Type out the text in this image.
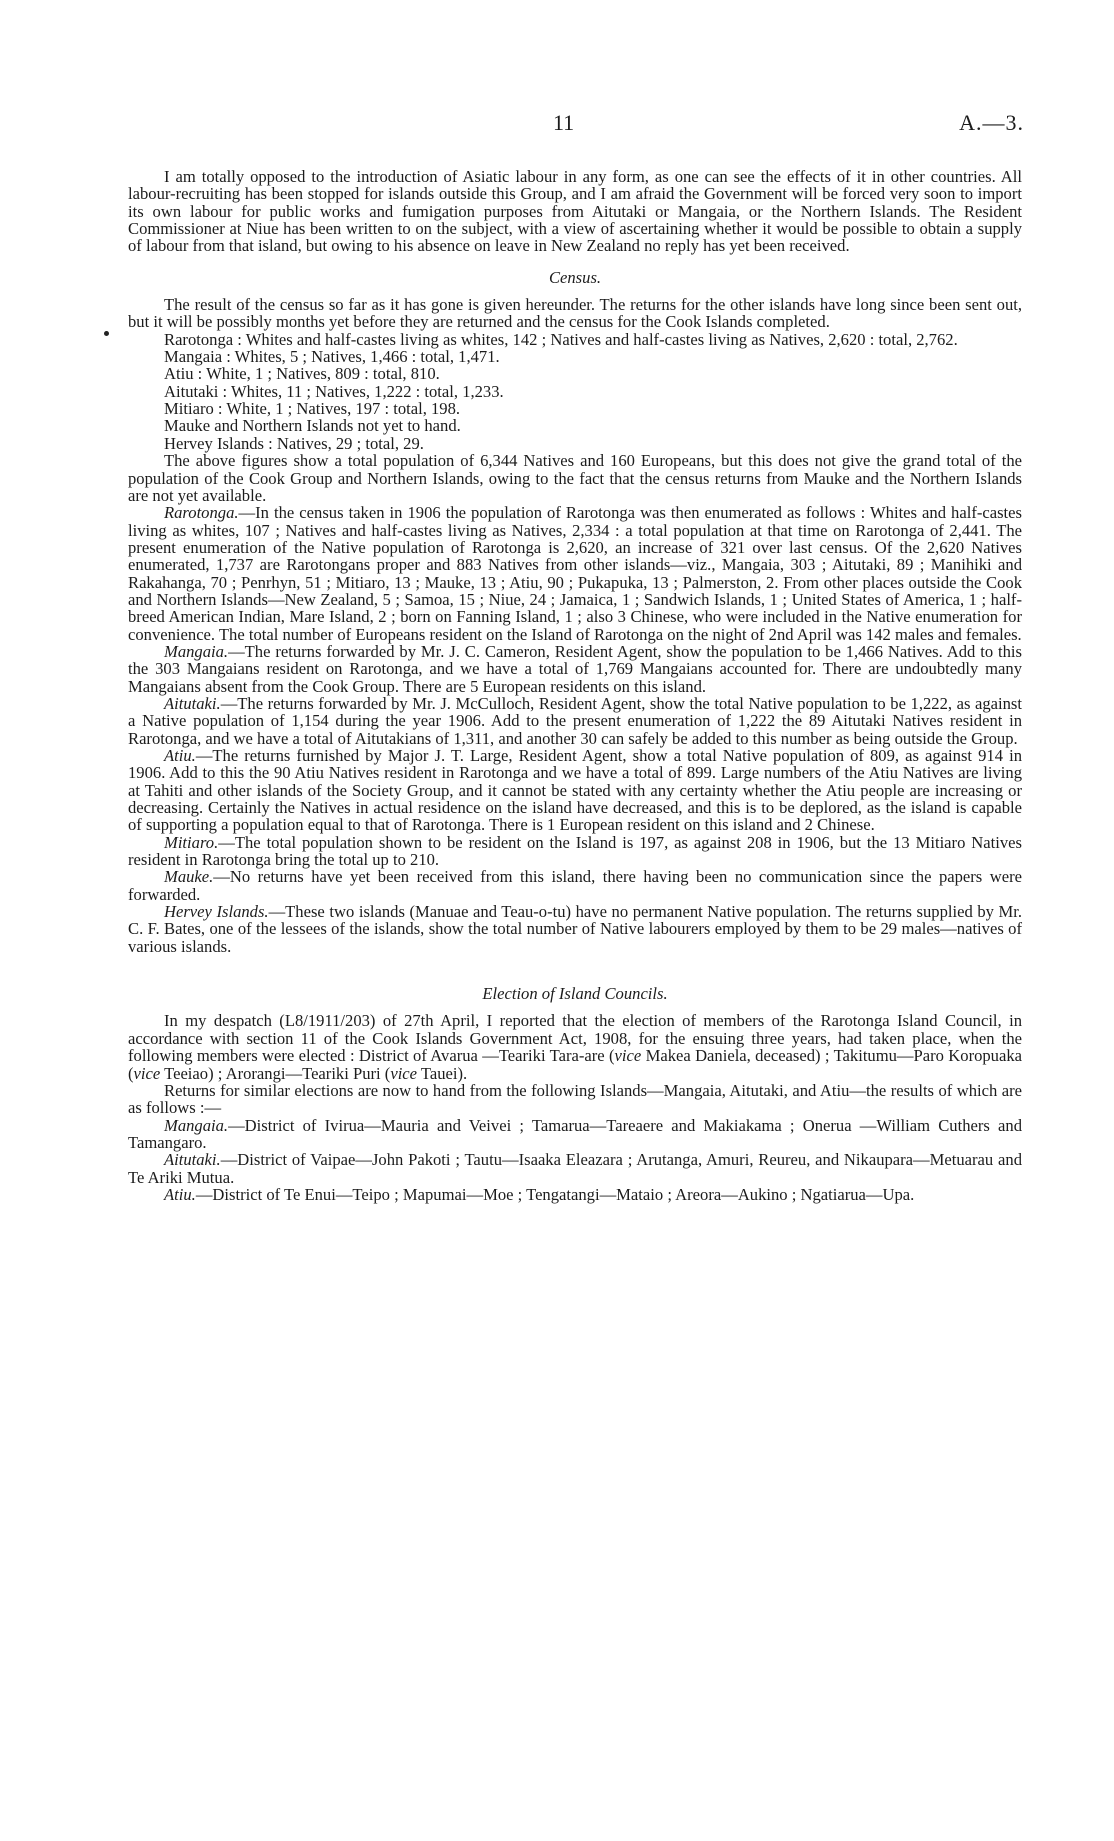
11	A.—3.

I am totally opposed to the introduction of Asiatic labour in any form, as one can see the effects of it in other countries. All labour-recruiting has been stopped for islands outside this Group, and I am afraid the Government will be forced very soon to import its own labour for public works and fumigation purposes from Aitutaki or Mangaia, or the Northern Islands. The Resident Commissioner at Niue has been written to on the subject, with a view of ascertaining whether it would be possible to obtain a supply of labour from that island, but owing to his absence on leave in New Zealand no reply has yet been received.

Census.

The result of the census so far as it has gone is given hereunder. The returns for the other islands have long since been sent out, but it will be possibly months yet before they are returned and the census for the Cook Islands completed.

Rarotonga : Whites and half-castes living as whites, 142 ; Natives and half-castes living as Natives, 2,620 : total, 2,762.

Mangaia : Whites, 5 ; Natives, 1,466 : total, 1,471.

Atiu : White, 1 ; Natives, 809 : total, 810.

Aitutaki : Whites, 11 ; Natives, 1,222 : total, 1,233.

Mitiaro : White, 1 ; Natives, 197 : total, 198.

Mauke and Northern Islands not yet to hand.

Hervey Islands : Natives, 29 ; total, 29.

The above figures show a total population of 6,344 Natives and 160 Europeans, but this does not give the grand total of the population of the Cook Group and Northern Islands, owing to the fact that the census returns from Mauke and the Northern Islands are not yet available.

Rarotonga.—In the census taken in 1906 the population of Rarotonga was then enumerated as follows : Whites and half-castes living as whites, 107 ; Natives and half-castes living as Natives, 2,334 : a total population at that time on Rarotonga of 2,441. The present enumeration of the Native population of Rarotonga is 2,620, an increase of 321 over last census. Of the 2,620 Natives enumerated, 1,737 are Rarotongans proper and 883 Natives from other islands—viz., Mangaia, 303 ; Aitutaki, 89 ; Manihiki and Rakahanga, 70 ; Penrhyn, 51 ; Mitiaro, 13 ; Mauke, 13 ; Atiu, 90 ; Pukapuka, 13 ; Palmerston, 2. From other places outside the Cook and Northern Islands—New Zealand, 5 ; Samoa, 15 ; Niue, 24 ; Jamaica, 1 ; Sandwich Islands, 1 ; United States of America, 1 ; half-breed American Indian, Mare Island, 2 ; born on Fanning Island, 1 ; also 3 Chinese, who were included in the Native enumeration for convenience. The total number of Europeans resident on the Island of Rarotonga on the night of 2nd April was 142 males and females.

Mangaia.—The returns forwarded by Mr. J. C. Cameron, Resident Agent, show the population to be 1,466 Natives. Add to this the 303 Mangaians resident on Rarotonga, and we have a total of 1,769 Mangaians accounted for. There are undoubtedly many Mangaians absent from the Cook Group. There are 5 European residents on this island.

Aitutaki.—The returns forwarded by Mr. J. McCulloch, Resident Agent, show the total Native population to be 1,222, as against a Native population of 1,154 during the year 1906. Add to the present enumeration of 1,222 the 89 Aitutaki Natives resident in Rarotonga, and we have a total of Aitutakians of 1,311, and another 30 can safely be added to this number as being outside the Group.

Atiu.—The returns furnished by Major J. T. Large, Resident Agent, show a total Native population of 809, as against 914 in 1906. Add to this the 90 Atiu Natives resident in Rarotonga and we have a total of 899. Large numbers of the Atiu Natives are living at Tahiti and other islands of the Society Group, and it cannot be stated with any certainty whether the Atiu people are increasing or decreasing. Certainly the Natives in actual residence on the island have decreased, and this is to be deplored, as the island is capable of supporting a population equal to that of Rarotonga. There is 1 European resident on this island and 2 Chinese.

Mitiaro.—The total population shown to be resident on the Island is 197, as against 208 in 1906, but the 13 Mitiaro Natives resident in Rarotonga bring the total up to 210.

Mauke.—No returns have yet been received from this island, there having been no communication since the papers were forwarded.

Hervey Islands.—These two islands (Manuae and Teau-o-tu) have no permanent Native population. The returns supplied by Mr. C. F. Bates, one of the lessees of the islands, show the total number of Native labourers employed by them to be 29 males—natives of various islands.

Election of Island Councils.

In my despatch (L8/1911/203) of 27th April, I reported that the election of members of the Rarotonga Island Council, in accordance with section 11 of the Cook Islands Government Act, 1908, for the ensuing three years, had taken place, when the following members were elected : District of Avarua —Teariki Tara-are (vice Makea Daniela, deceased) ; Takitumu—Paro Koropuaka (vice Teeiao) ; Arorangi—Teariki Puri (vice Tauei).

Returns for similar elections are now to hand from the following Islands—Mangaia, Aitutaki, and Atiu—the results of which are as follows :—

Mangaia.—District of Ivirua—Mauria and Veivei ; Tamarua—Tareaere and Makiakama ; Onerua —William Cuthers and Tamangaro.

Aitutaki.—District of Vaipae—John Pakoti ; Tautu—Isaaka Eleazara ; Arutanga, Amuri, Reureu, and Nikaupara—Metuarau and Te Ariki Mutua.

Atiu.—District of Te Enui—Teipo ; Mapumai—Moe ; Tengatangi—Mataio ; Areora—Aukino ; Ngatiarua—Upa.
